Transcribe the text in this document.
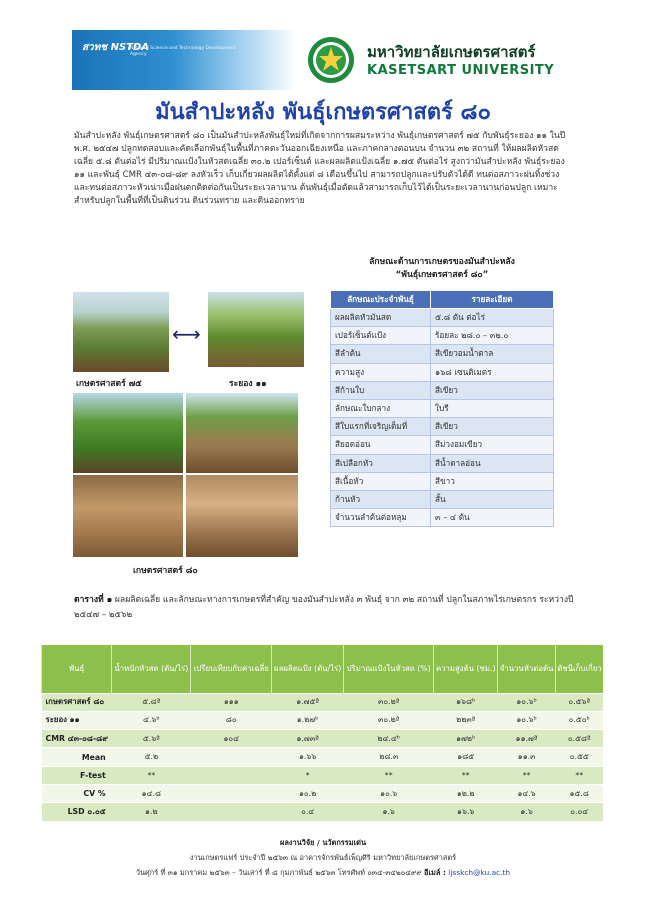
สวทช NSTDA
National Science and Technology Development Agency	มหาวิทยาลัยเกษตรศาสตร์
KASETSART UNIVERSITY
มันสำปะหลัง พันธุ์เกษตรศาสตร์ ๘๐
มันสำปะหลัง พันธุ์เกษตรศาสตร์ ๘๐ เป็นมันสำปะหลังพันธุ์ใหม่ที่เกิดจากการผสมระหว่าง พันธุ์เกษตรศาสตร์ ๗๕ กับพันธุ์ระยอง ๑๑ ในปี พ.ศ. ๒๕๔๗ ปลูกทดสอบและคัดเลือกพันธุ์ในพื้นที่ภาคตะวันออกเฉียงเหนือ และภาคกลางตอนบน จำนวน ๓๒ สถานที่ ให้ผลผลิตหัวสดเฉลี่ย ๕.๘ ตันต่อไร่ มีปริมาณแป้งในหัวสดเฉลี่ย ๓๐.๒ เปอร์เซ็นต์ และผลผลิตแป้งเฉลี่ย ๑.๗๕ ตันต่อไร่ สูงกว่ามันสำปะหลัง พันธุ์ระยอง ๑๑ และพันธุ์ CMR ๔๓-๐๘-๘๙ ลงหัวเร็ว เก็บเกี่ยวผลผลิตได้ตั้งแต่ ๘ เดือนขึ้นไป สามารถปลูกและปรับตัวได้ดี ทนต่อสภาวะฝนทิ้งช่วง และทนต่อสภาวะหัวเน่าเมื่อฝนตกติดต่อกันเป็นระยะเวลานาน ต้นพันธุ์เมื่อตัดแล้วสามารถเก็บไว้ได้เป็นระยะเวลานานก่อนปลูก เหมาะสำหรับปลูกในพื้นที่ที่เป็นดินร่วน ดินร่วนทราย และดินออกทราย
ลักษณะด้านการเกษตรของมันสำปะหลัง
“พันธุ์เกษตรศาสตร์ ๘๐”
ลักษณะประจำพันธุ์	รายละเอียด
ผลผลิตหัวมันสด	๕.๘ ตัน ต่อไร่
เปอร์เซ็นต์แป้ง	ร้อยละ ๒๘.๐ – ๓๒.๐
สีลำต้น	สีเขียวอมน้ำตาล
ความสูง	๑๖๘ เซนติเมตร
สีก้านใบ	สีเขียว
ลักษณะใบกลาง	ใบรี
สีใบแรกที่เจริญเต็มที่	สีเขียว
สียอดอ่อน	สีม่วงอมเขียว
สีเปลือกหัว	สีน้ำตาลอ่อน
สีเนื้อหัว	สีขาว
ก้านหัว	สั้น
จำนวนลำต้นต่อหลุม	๓ – ๔ ต้น
⟷
เกษตรศาสตร์ ๗๕	ระยอง ๑๑
เกษตรศาสตร์ ๘๐
ตารางที่ ๑ ผลผลิตเฉลี่ย และลักษณะทางการเกษตรที่สำคัญ ของมันสำปะหลัง ๓ พันธุ์ จาก ๓๒ สถานที่ ปลูกในสภาพไร่เกษตรกร ระหว่างปี ๒๕๔๗ – ๒๕๖๒
พันธุ์	น้ำหนักหัวสด (ตัน/ไร่)	เปรียบเทียบกับค่าเฉลี่ย	ผลผลิตแป้ง (ตัน/ไร่)	ปริมาณแป้งในหัวสด (%)	ความสูงต้น (ซม.)	จำนวนหัวต่อต้น	ดัชนีเก็บเกี่ยว
เกษตรศาสตร์ ๘๐	๕.๘ª	๑๑๑	๑.๗๕ª	๓๐.๒ª	๑๖๘ᵇ	๑๐.๖ᵇ	๐.๕๖ª
ระยอง ๑๑	๔.๖ᵇ	๘๐	๑.๒๗ᵇ	๓๐.๒ª	๒๒๓ª	๑๐.๖ᵇ	๐.๕๐ᵇ
CMR ๔๓-๐๘-๘๙	๕.๖ª	๑๐๔	๑.๗๓ª	๒๔.๔ᵇ	๑๗๒ᵇ	๑๑.๗ª	๐.๕๘ª
Mean	๕.๒		๑.๖๖	๒๘.๓	๑๘๕	๑๑.๓	๐.๕๕
F-test	**		*	**	**	**	**
CV %	๑๔.๘		๑๐.๒	๑๐.๖	๑๒.๒	๑๔.๖	๑๕.๘
LSD ๐.๐๕	๑.๒		๐.๔	๑.๖	๑๖.๖	๑.๖	๐.๐๔
ผลงานวิจัย / นวัตกรรมเด่น
งานเกษตรแฟร์ ประจำปี ๒๕๖๓ ณ อาคารจักรพันธ์เพ็ญศิริ มหาวิทยาลัยเกษตรศาสตร์
วันศุกร์ ที่ ๓๑ มกราคม ๒๕๖๓ – วันเสาร์ ที่ ๘ กุมภาพันธ์ ๒๕๖๓ โทรศัพท์ ๐๓๔-๓๔๒๐๔๙๙ อีเมล์ : ljsskch@ku.ac.th
